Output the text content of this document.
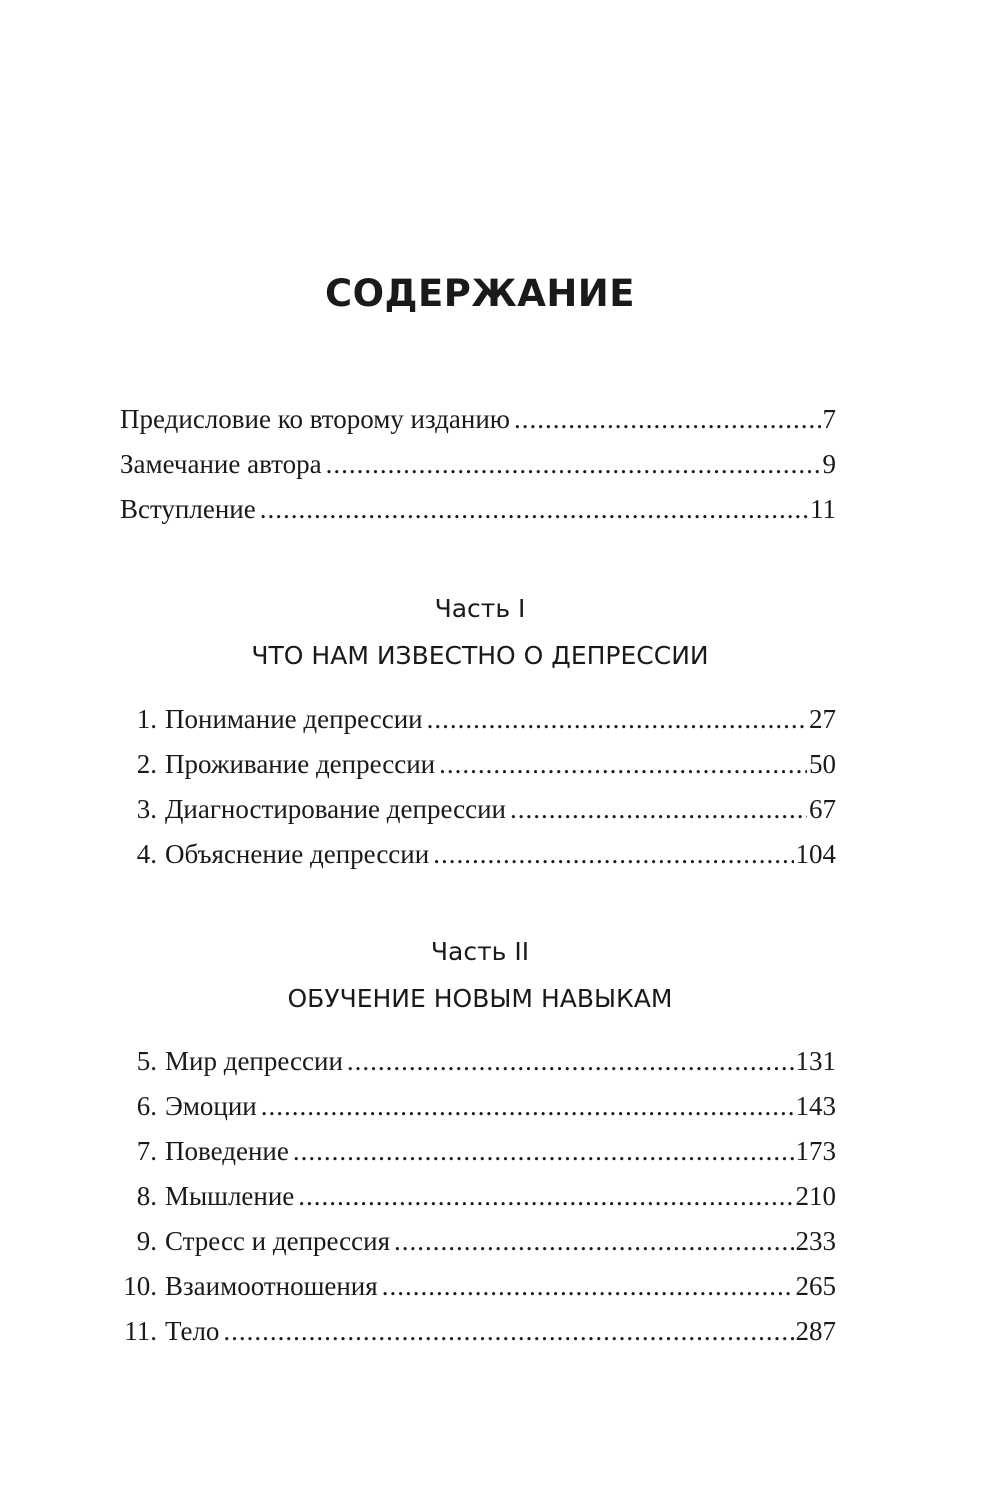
СОДЕРЖАНИЕ
Предисловие ко второму изданию .....	7
Замечание автора .....	9
Вступление .....	11
Часть I
ЧТО НАМ ИЗВЕСТНО О ДЕПРЕССИИ
1. Понимание депрессии .....	27
2. Проживание депрессии .....	50
3. Диагностирование депрессии .....	67
4. Объяснение депрессии .....	104
Часть II
ОБУЧЕНИЕ НОВЫМ НАВЫКАМ
5. Мир депрессии .....	131
6. Эмоции .....	143
7. Поведение .....	173
8. Мышление .....	210
9. Стресс и депрессия .....	233
10. Взаимоотношения .....	265
11. Тело .....	287
